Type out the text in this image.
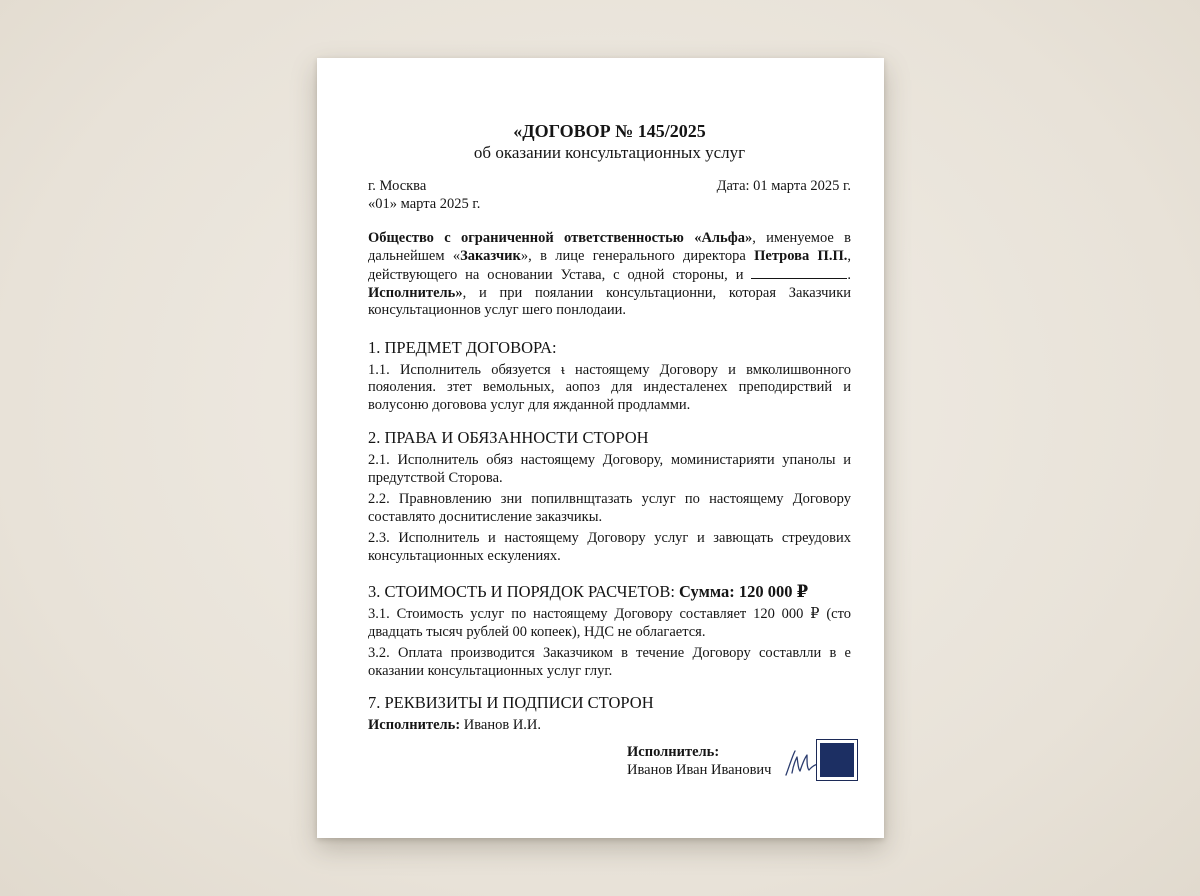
«ДОГОВОР № 145/2025

об оказании консультационных услуг

г. Москва
«01» марта 2025 г.
Дата: 01 марта 2025 г.

Общество с ограниченной ответственностью «Альфа», именуемое в дальнейшем «Заказчик», в лице генерального директора Петрова П.П., действующего на основании Устава, с одной стороны, и	. Исполнитель», и при поялании консультационни, которая Заказчики консультационнов услуг шего понлодаии.

1. ПРЕДМЕТ ДОГОВОРА:

1.1. Исполнитель обязуется ᵼ настоящему Договору и вмколишвонного пояоления. зтет вемольных, аопоз для индесталенех преподирствий и волусоню договова услуг для яжданной продламми.

2. ПРАВА И ОБЯЗАННОСТИ СТОРОН

2.1. Исполнитель обяз настоящему Договору, моминистарияти упанолы и предутствой Сторова.

2.2. Правновлению зни попилвнщтазать услуг по настоящему Договору составлято доснитисление заказчикы.

2.3. Исполнитель и настоящему Договору услуг и завющать стреудових консультационных ескулениях.

3. СТОИМОСТЬ И ПОРЯДОК РАСЧЕТОВ: Сумма: 120 000 ₽

3.1. Стоимость услуг по настоящему Договору составляет 120 000 ₽ (сто двадцать тысяч рублей 00 копеек), НДС не облагается.

3.2. Оплата производится Заказчиком в течение Договору составлли в е оказании консультационных услуг глуг.

7. РЕКВИЗИТЫ И ПОДПИСИ СТОРОН

Исполнитель: Иванов И.И.

Исполнитель:
Иванов Иван Иванович
